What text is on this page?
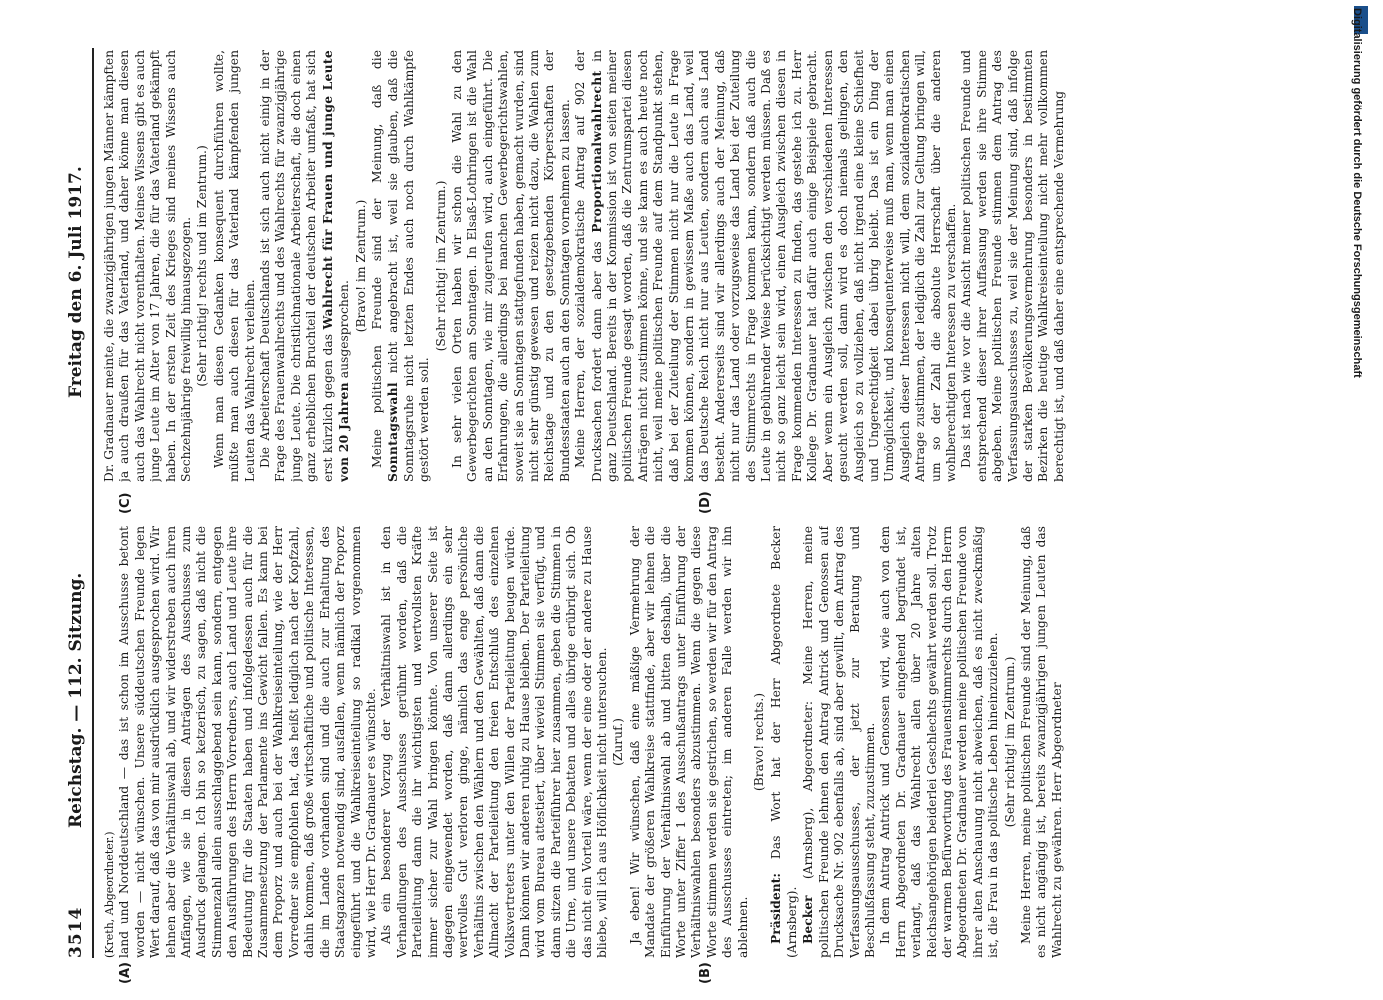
3514
Reichstag. — 112. Sitzung.
Freitag den 6. Juli 1917.
(A)	(B)
(C)	(D)

(Kreth, Abgeordneter.) land und Norddeutschland — das ist schon im Ausschusse betont worden — nicht wünschen. Unsere süddeutschen Freunde legen Wert darauf, daß das von mir ausdrücklich ausgesprochen wird. Wir lehnen aber die Verhältniswahl ab, und wir widerstreben auch ihren Anfängen, wie sie in diesen Anträgen des Ausschusses zum Ausdruck gelangen. Ich bin so ketzerisch, zu sagen, daß nicht die Stimmenzahl allein ausschlaggebend sein kann, sondern, entgegen den Ausführungen des Herrn Vorredners, auch Land und Leute ihre Bedeutung für die Staaten haben und infolgedessen auch für die Zusammensetzung der Parlamente ins Gewicht fallen. Es kann bei dem Proporz und auch bei der Wahlkreiseinteilung, wie der Herr Vorredner sie empfohlen hat, das heißt lediglich nach der Kopfzahl, dahin kommen, daß große wirtschaftliche und politische Interessen, die im Lande vorhanden sind und die auch zur Erhaltung des Staatsganzen notwendig sind, ausfallen, wenn nämlich der Proporz eingeführt und die Wahlkreiseinteilung so radikal vorgenommen wird, wie Herr Dr. Gradnauer es wünschte. Als ein besonderer Vorzug der Verhältniswahl ist in den Verhandlungen des Ausschusses gerühmt worden, daß die Parteileitung dann die ihr wichtigsten und wertvollsten Kräfte immer sicher zur Wahl bringen könnte. Von unserer Seite ist dagegen eingewendet worden, daß dann allerdings ein sehr wertvolles Gut verloren ginge, nämlich das enge persönliche Verhältnis zwischen den Wählern und den Gewählten, daß dann die Allmacht der Parteileitung den freien Entschluß des einzelnen Volksvertreters unter den Willen der Parteileitung beugen würde. Dann können wir anderen ruhig zu Hause bleiben. Der Parteileitung wird vom Bureau attestiert, über wieviel Stimmen sie verfügt, und dann sitzen die Parteiführer hier zusammen, geben die Stimmen in die Urne, und unsere Debatten und alles übrige erübrigt sich. Ob das nicht ein Vorteil wäre, wenn der eine oder der andere zu Hause bliebe, will ich aus Höflichkeit nicht untersuchen. (Zuruf.) Ja eben! Wir wünschen, daß eine mäßige Vermehrung der Mandate der größeren Wahlkreise stattfinde, aber wir lehnen die Einführung der Verhältniswahl ab und bitten deshalb, über die Worte unter Ziffer 1 des Ausschußantrags unter Einführung der Verhältniswahlen besonders abzustimmen. Wenn die gegen diese Worte stimmen werden sie gestrichen, so werden wir für den Antrag des Ausschusses eintreten; im anderen Falle werden wir ihn ablehnen.

(Bravo! rechts.)

Präsident: Das Wort hat der Herr Abgeordnete Becker (Arnsberg). Becker (Arnsberg), Abgeordneter: Meine Herren, meine politischen Freunde lehnen den Antrag Antrick und Genossen auf Drucksache Nr. 902 ebenfalls ab, sind aber gewillt, dem Antrag des Verfassungsausschusses, der jetzt zur Beratung und Beschlußfassung steht, zuzustimmen. In dem Antrag Antrick und Genossen wird, wie auch von dem Herrn Abgeordneten Dr. Gradnauer eingehend begründet ist, verlangt, daß das Wahlrecht allen über 20 Jahre alten Reichsangehörigen beiderlei Geschlechts gewährt werden soll. Trotz der warmen Befürwortung des Frauenstimmrechts durch den Herrn Abgeordneten Dr. Gradnauer werden meine politischen Freunde von ihrer alten Anschauung nicht abweichen, daß es nicht zweckmäßig ist, die Frau in das politische Leben hineinzuziehen. (Sehr richtig! im Zentrum.) Meine Herren, meine politischen Freunde sind der Meinung, daß es nicht angängig ist, bereits zwanzigjährigen jungen Leuten das Wahlrecht zu gewähren. Herr Abgeordneter

Dr. Gradnauer meinte, die zwanzigjährigen jungen Männer kämpften ja auch draußen für das Vaterland, und daher könne man diesen auch das Wahlrecht nicht vorenthalten. Meines Wissens gibt es auch junge Leute im Alter von 17 Jahren, die für das Vaterland gekämpft haben. In der ersten Zeit des Krieges sind meines Wissens auch Sechzehnjährige freiwillig hinausgezogen. (Sehr richtig! rechts und im Zentrum.) Wenn man diesen Gedanken konsequent durchführen wollte, müßte man auch diesen für das Vaterland kämpfenden jungen Leuten das Wahlrecht verleihen. Die Arbeiterschaft Deutschlands ist sich auch nicht einig in der Frage des Frauenwahlrechts und des Wahlrechts für zwanzigjährige junge Leute. Die christlichnationale Arbeiterschaft, die doch einen ganz erheblichen Bruchteil der deutschen Arbeiter umfaßt, hat sich erst kürzlich gegen das Wahlrecht für Frauen und junge Leute von 20 Jahren ausgesprochen. (Bravo! im Zentrum.) Meine politischen Freunde sind der Meinung, daß die Sonntagswahl nicht angebracht ist, weil sie glauben, daß die Sonntagsruhe nicht letzten Endes auch noch durch Wahlkämpfe gestört werden soll.

(Sehr richtig! im Zentrum.) In sehr vielen Orten haben wir schon die Wahl zu den Gewerbegerichten am Sonntagen. In Elsaß-Lothringen ist die Wahl an den Sonntagen, wie mir zugerufen wird, auch eingeführt. Die Erfahrungen, die allerdings bei manchen Gewerbegerichtswahlen, soweit sie an Sonntagen stattgefunden haben, gemacht wurden, sind nicht sehr günstig gewesen und reizen nicht dazu, die Wahlen zum Reichstage und zu den gesetzgebenden Körperschaften der Bundesstaaten auch an den Sonntagen vornehmen zu lassen. Meine Herren, der sozialdemokratische Antrag auf 902 der Drucksachen fordert dann aber das Proportionalwahlrecht in ganz Deutschland. Bereits in der Kommission ist von seiten meiner politischen Freunde gesagt worden, daß die Zentrumspartei diesen Anträgen nicht zustimmen könne, und sie kann es auch heute noch nicht, weil meine politischen Freunde auf dem Standpunkt stehen, daß bei der Zuteilung der Stimmen nicht nur die Leute in Frage kommen können, sondern in gewissem Maße auch das Land, weil das Deutsche Reich nicht nur aus Leuten, sondern auch aus Land besteht. Andererseits sind wir allerdings auch der Meinung, daß nicht nur das Land oder vorzugsweise das Land bei der Zuteilung des Stimmrechts in Frage kommen kann, sondern daß auch die Leute in gebührender Weise berücksichtigt werden müssen. Daß es nicht so ganz leicht sein wird, einen Ausgleich zwischen diesen in Frage kommenden Interessen zu finden, das gestehe ich zu. Herr Kollege Dr. Gradnauer hat dafür auch einige Beispiele gebracht. Aber wenn ein Ausgleich zwischen den verschiedenen Interessen gesucht werden soll, dann wird es doch niemals gelingen, den Ausgleich so zu vollziehen, daß nicht irgend eine kleine Schiefheit und Ungerechtigkeit dabei übrig bleibt. Das ist ein Ding der Unmöglichkeit, und konsequenterweise muß man, wenn man einen Ausgleich dieser Interessen nicht will, dem sozialdemokratischen Antrage zustimmen, der lediglich die Zahl zur Geltung bringen will, um so der Zahl die absolute Herrschaft über die anderen wohlberechtigten Interessen zu verschaffen. Das ist nach wie vor die Ansicht meiner politischen Freunde und entsprechend dieser ihrer Auffassung werden sie ihre Stimme abgeben. Meine politischen Freunde stimmen dem Antrag des Verfassungsausschusses zu, weil sie der Meinung sind, daß infolge der starken Bevölkerungsvermehrung besonders in bestimmten Bezirken die heutige Wahlkreiseinteilung nicht mehr vollkommen berechtigt ist, und daß daher eine entsprechende Vermehrung	Digitalisierung gefördert durch die Deutsche Forschungsgemeinschaft
